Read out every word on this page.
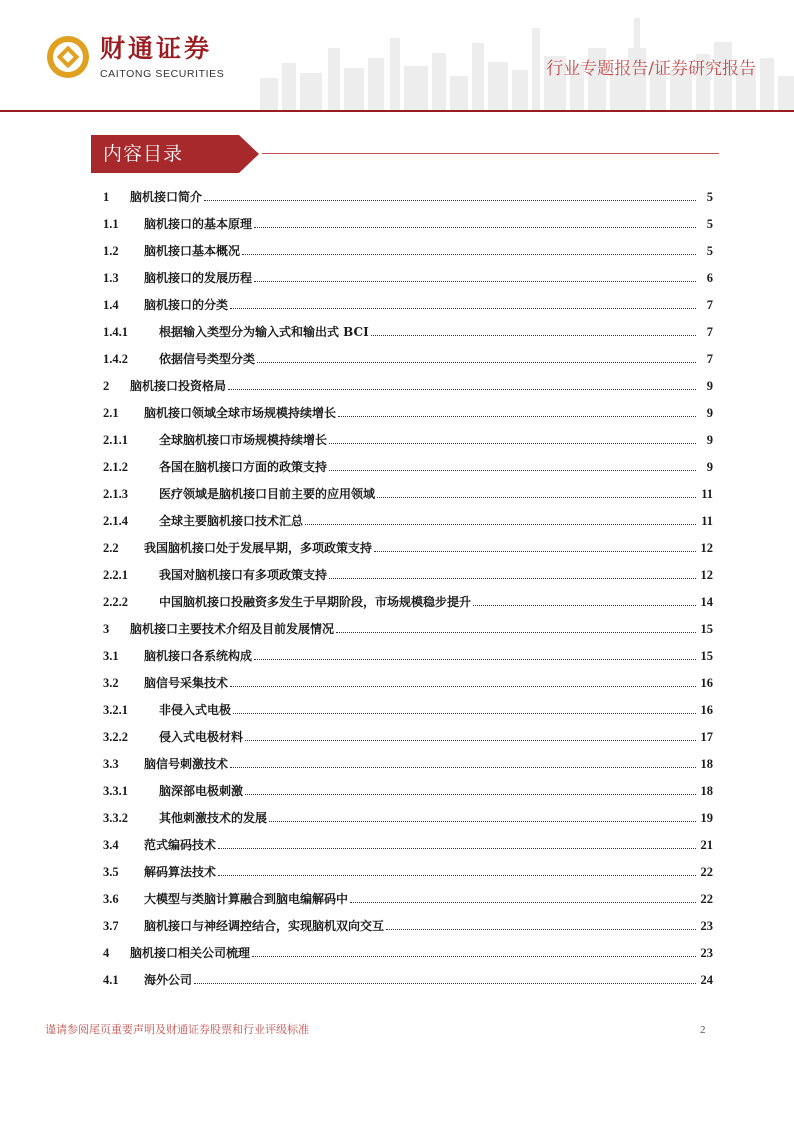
财通证券
CAITONG SECURITIES	行业专题报告/证券研究报告
内容目录
1	脑机接口简介	5
1.1	脑机接口的基本原理	5
1.2	脑机接口基本概况	5
1.3	脑机接口的发展历程	6
1.4	脑机接口的分类	7
1.4.1	根据输入类型分为输入式和输出式 BCI	7
1.4.2	依据信号类型分类	7
2	脑机接口投资格局	9
2.1	脑机接口领域全球市场规模持续增长	9
2.1.1	全球脑机接口市场规模持续增长	9
2.1.2	各国在脑机接口方面的政策支持	9
2.1.3	医疗领域是脑机接口目前主要的应用领域	11
2.1.4	全球主要脑机接口技术汇总	11
2.2	我国脑机接口处于发展早期，多项政策支持	12
2.2.1	我国对脑机接口有多项政策支持	12
2.2.2	中国脑机接口投融资多发生于早期阶段，市场规模稳步提升	14
3	脑机接口主要技术介绍及目前发展情况	15
3.1	脑机接口各系统构成	15
3.2	脑信号采集技术	16
3.2.1	非侵入式电极	16
3.2.2	侵入式电极材料	17
3.3	脑信号刺激技术	18
3.3.1	脑深部电极刺激	18
3.3.2	其他刺激技术的发展	19
3.4	范式编码技术	21
3.5	解码算法技术	22
3.6	大模型与类脑计算融合到脑电编解码中	22
3.7	脑机接口与神经调控结合，实现脑机双向交互	23
4	脑机接口相关公司梳理	23
4.1	海外公司	24
谨请参阅尾页重要声明及财通证券股票和行业评级标准	2
